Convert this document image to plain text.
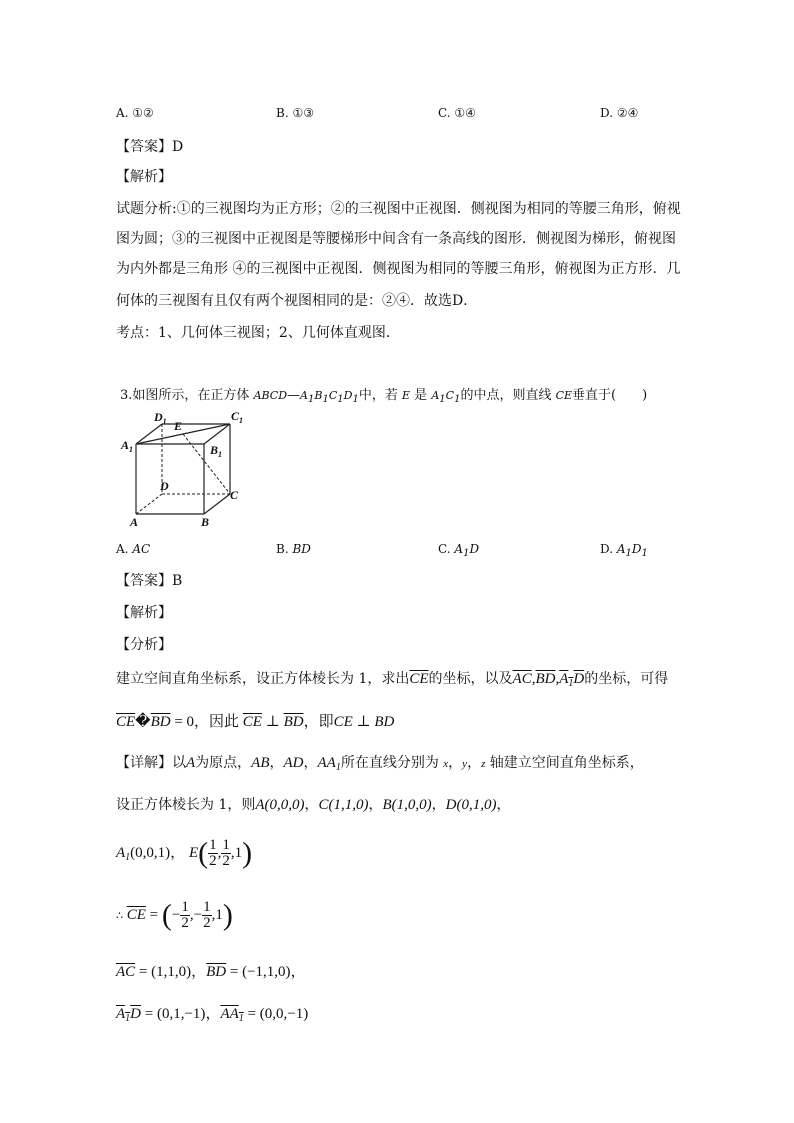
A. ①②	B. ①③	C. ①④	D. ②④
【答案】D
【解析】
试题分析:①的三视图均为正方形；②的三视图中正视图．侧视图为相同的等腰三角形，俯视
图为圆；③的三视图中正视图是等腰梯形中间含有一条高线的图形．侧视图为梯形，俯视图
为内外都是三角形 ④的三视图中正视图．侧视图为相同的等腰三角形，俯视图为正方形．几
何体的三视图有且仅有两个视图相同的是：②④．故选D．
考点：1、几何体三视图；2、几何体直观图．
3.如图所示，在正方体 ABCD—A1B1C1D1中，若 E 是 A1C1的中点，则直线 CE垂直于(　　)
$D_1$	$C_1$
$A_1$	$B_1$
E
D
C
A	B
A. AC	B. BD	C. $A_1D$	D. $A_1D_1$
【答案】B
【解析】
【分析】
建立空间直角坐标系，设正方体棱长为 1，求出$\overline{CE}$的坐标，以及$\overline{AC},\overline{BD},A_1D$的坐标，可得
$\overline{CE}�\overline{BD} = 0$，因此 $\overline{CE}$ ⊥ $\overline{BD}$，即CE ⊥ BD
【详解】以A为原点，AB，AD，$AA_1$所在直线分别为 x，y，z 轴建立空间直角坐标系，
设正方体棱长为 1，则A(0,0,0)，C(1,1,0)，B(1,0,0)，D(0,1,0)，
$A_1(0,0,1)$， $E( \frac{1}{2}$ , $\frac{1}{2} ,1$)
∴ $\overline{CE}$ = (− $\frac{1}{2}$ ,− $\frac{1}{2} ,1$)
$\overline{AC} = (1,1,0)$，$\overline{BD} = (-1,1,0)$，
$A_1D = (0,1,-1)$，$AA_1 = (0,0,-1)$
